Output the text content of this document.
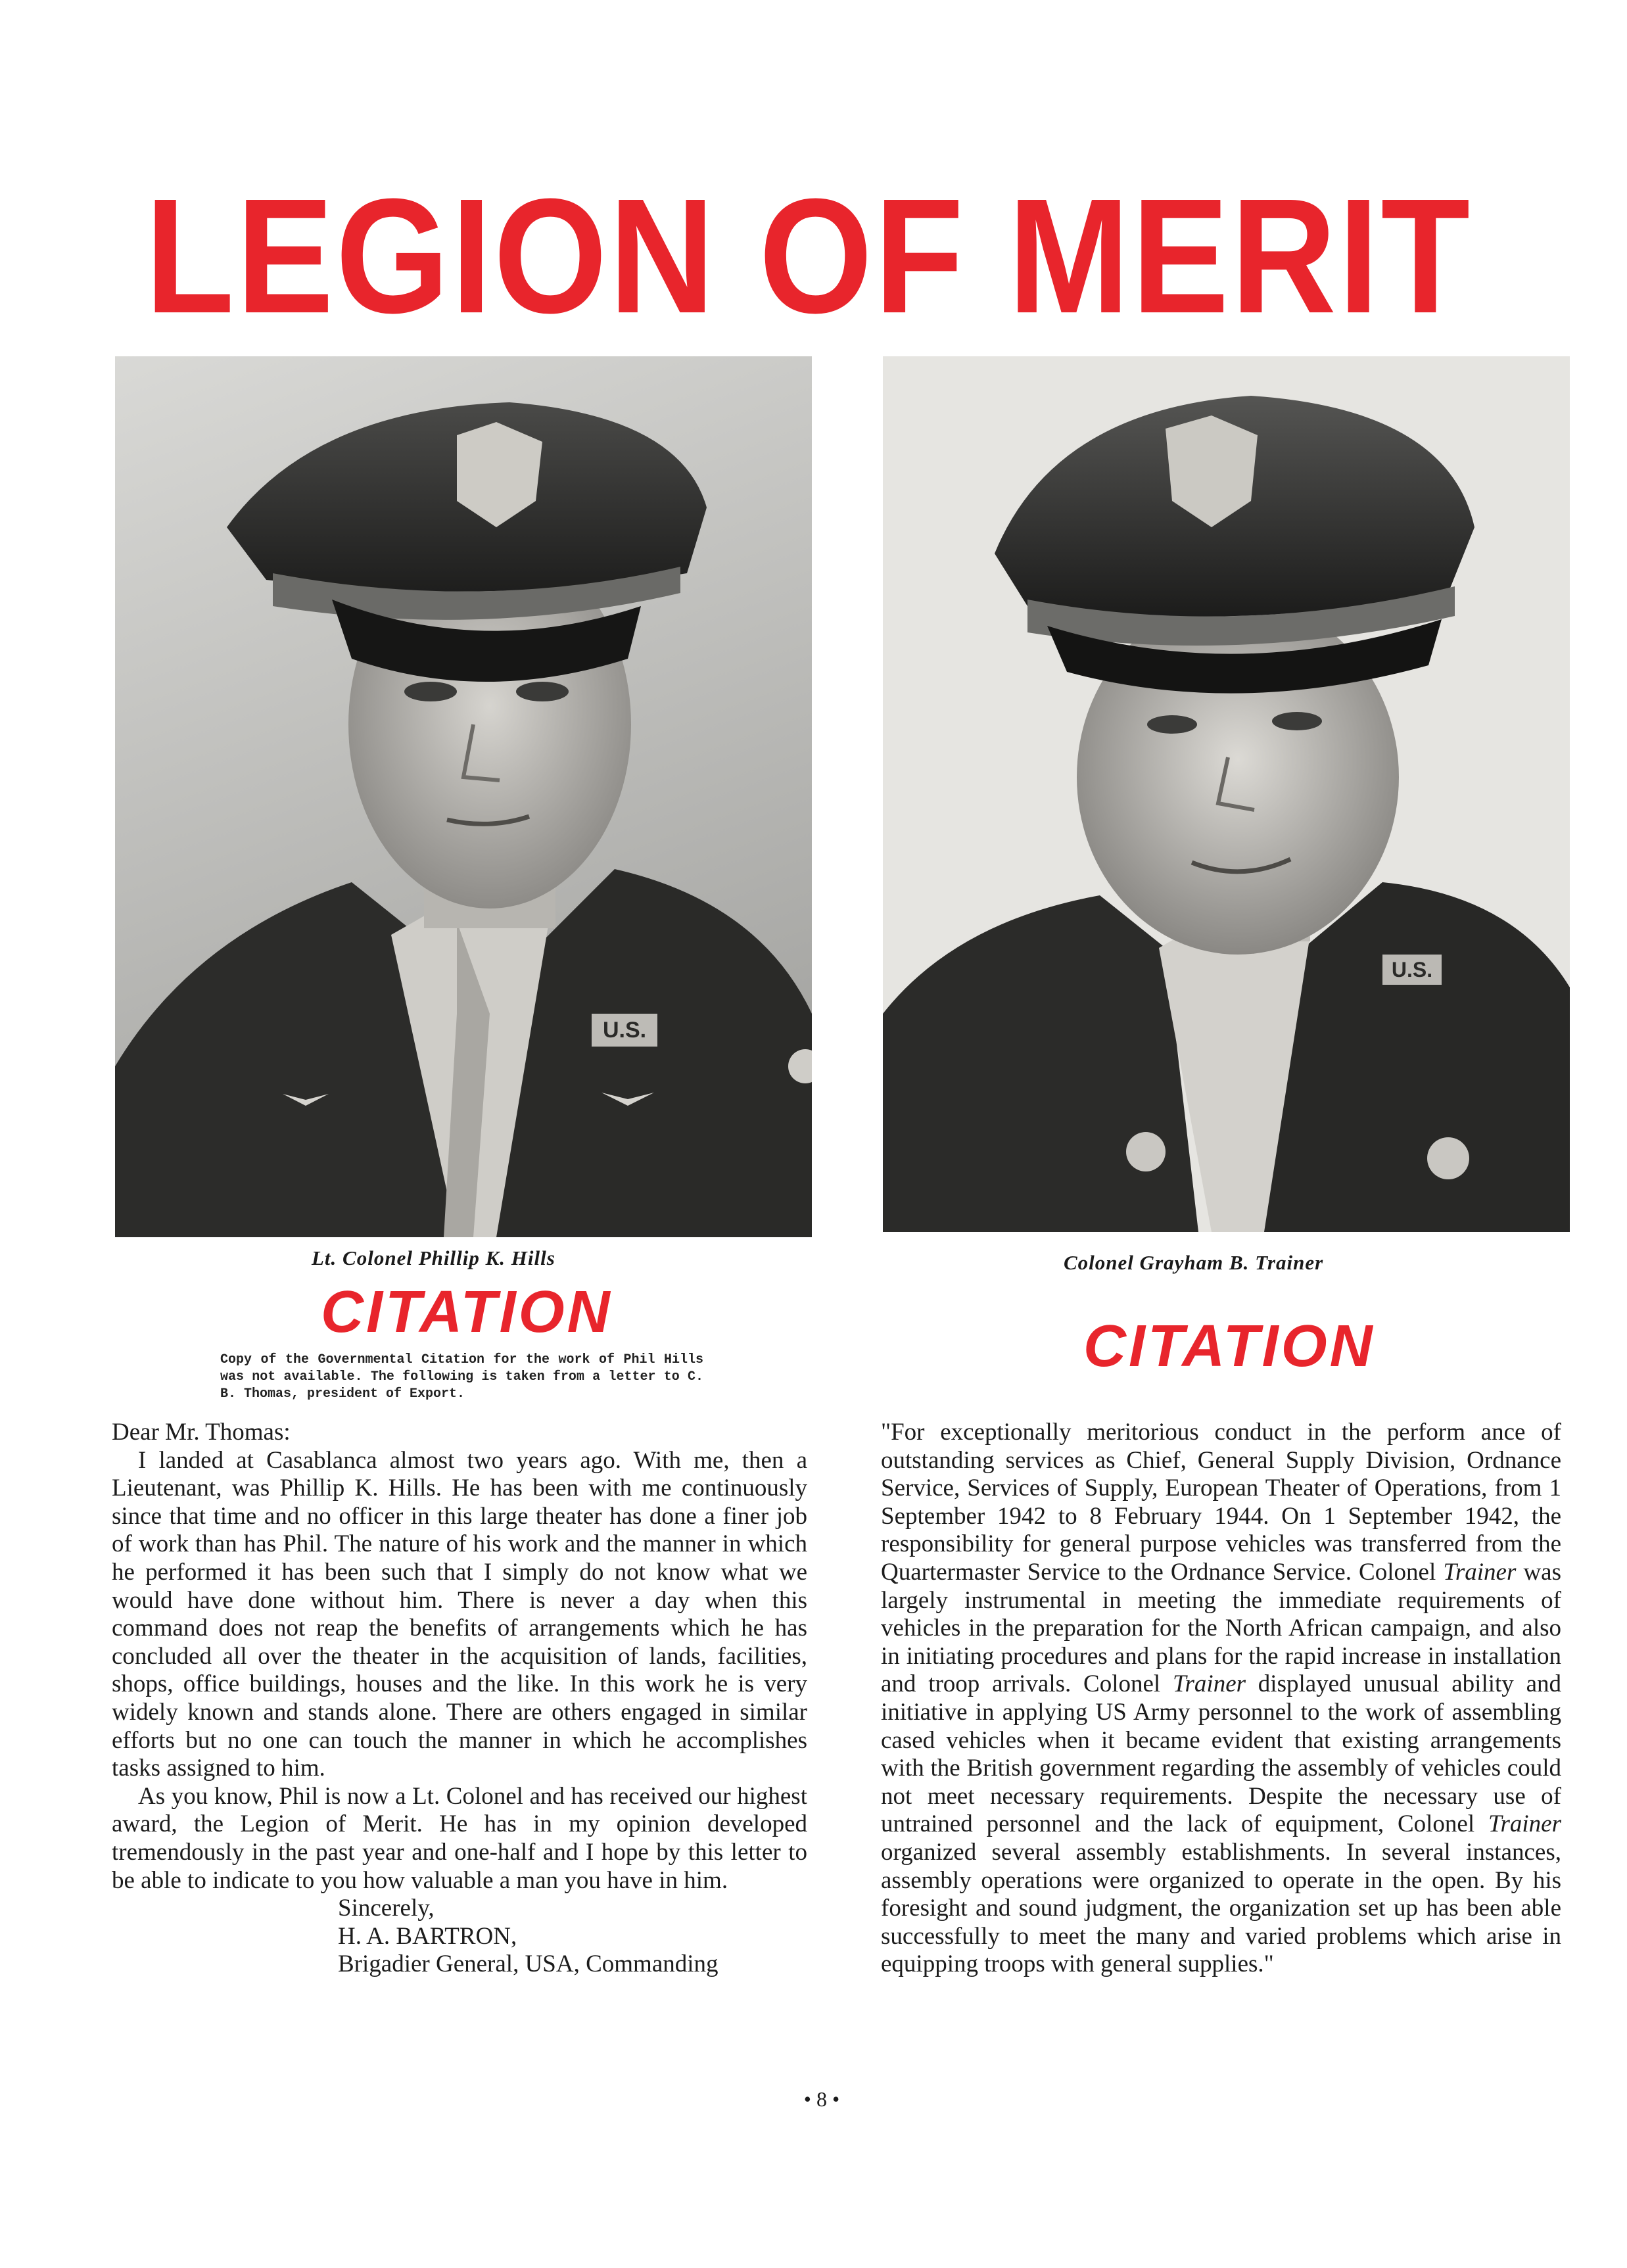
LEGION OF MERIT
U.S.
U.S.

Lt. Colonel Phillip K. Hills	Colonel Grayham B. Trainer

CITATION
CITATION

Copy of the Governmental Citation for the work of Phil Hills was not available. The following is taken from a letter to C. B. Thomas, president of Export.

Dear Mr. Thomas:

I landed at Casablanca almost two years ago. With me, then a Lieutenant, was Phillip K. Hills. He has been with me continuously since that time and no officer in this large theater has done a finer job of work than has Phil. The nature of his work and the manner in which he performed it has been such that I simply do not know what we would have done without him. There is never a day when this command does not reap the benefits of arrangements which he has concluded all over the theater in the acquisition of lands, facilities, shops, office buildings, houses and the like. In this work he is very widely known and stands alone. There are others engaged in similar efforts but no one can touch the manner in which he accomplishes tasks assigned to him.

As you know, Phil is now a Lt. Colonel and has received our highest award, the Legion of Merit. He has in my opinion developed tremendously in the past year and one-half and I hope by this letter to be able to indicate to you how valuable a man you have in him.

Sincerely,

H. A. BARTRON,

Brigadier General, USA, Commanding

"For exceptionally meritorious conduct in the perform ance of outstanding services as Chief, General Supply Division, Ordnance Service, Services of Supply, European Theater of Operations, from 1 September 1942 to 8 February 1944. On 1 September 1942, the responsibility for general purpose vehicles was transferred from the Quartermaster Service to the Ordnance Service. Colonel Trainer was largely instrumental in meeting the immediate requirements of vehicles in the preparation for the North African campaign, and also in initiating procedures and plans for the rapid increase in installation and troop arrivals. Colonel Trainer displayed unusual ability and initiative in applying US Army personnel to the work of assembling cased vehicles when it became evident that existing arrangements with the British government regarding the assembly of vehicles could not meet necessary requirements. Despite the necessary use of untrained personnel and the lack of equipment, Colonel Trainer organized several assembly establishments. In several instances, assembly operations were organized to operate in the open. By his foresight and sound judgment, the organization set up has been able successfully to meet the many and varied problems which arise in equipping troops with general supplies."

• 8 •
